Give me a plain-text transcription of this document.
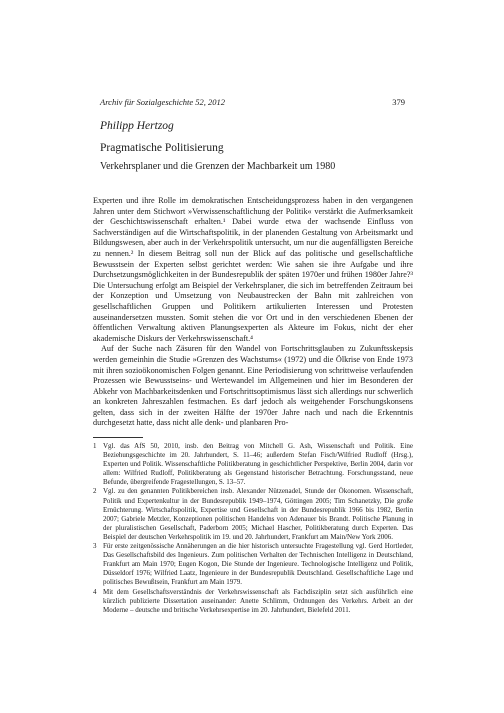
Archiv für Sozialgeschichte 52, 2012	379
Philipp Hertzog
Pragmatische Politisierung
Verkehrsplaner und die Grenzen der Machbarkeit um 1980

Experten und ihre Rolle im demokratischen Entscheidungsprozess haben in den vergangenen Jahren unter dem Stichwort »Verwissenschaftlichung der Politik« verstärkt die Aufmerksamkeit der Geschichtswissenschaft erhalten.¹ Dabei wurde etwa der wachsende Einfluss von Sachverständigen auf die Wirtschaftspolitik, in der planenden Gestaltung von Arbeitsmarkt und Bildungswesen, aber auch in der Verkehrspolitik untersucht, um nur die augenfälligsten Bereiche zu nennen.² In diesem Beitrag soll nun der Blick auf das politische und gesellschaftliche Bewusstsein der Experten selbst gerichtet werden: Wie sahen sie ihre Aufgabe und ihre Durchsetzungsmöglichkeiten in der Bundesrepublik der späten 1970er und frühen 1980er Jahre?³ Die Untersuchung erfolgt am Beispiel der Verkehrsplaner, die sich im betreffenden Zeitraum bei der Konzeption und Umsetzung von Neubaustrecken der Bahn mit zahlreichen von gesellschaftlichen Gruppen und Politikern artikulierten Interessen und Protesten auseinandersetzen mussten. Somit stehen die vor Ort und in den verschiedenen Ebenen der öffentlichen Verwaltung aktiven Planungsexperten als Akteure im Fokus, nicht der eher akademische Diskurs der Verkehrswissenschaft.⁴

Auf der Suche nach Zäsuren für den Wandel von Fortschrittsglauben zu Zukunftsskepsis werden gemeinhin die Studie »Grenzen des Wachstums« (1972) und die Ölkrise von Ende 1973 mit ihren sozioökonomischen Folgen genannt. Eine Periodisierung von schrittweise verlaufenden Prozessen wie Bewusstseins- und Wertewandel im Allgemeinen und hier im Besonderen der Abkehr von Machbarkeitsdenken und Fortschrittsoptimismus lässt sich allerdings nur schwerlich an konkreten Jahreszahlen festmachen. Es darf jedoch als weitgehender Forschungskonsens gelten, dass sich in der zweiten Hälfte der 1970er Jahre nach und nach die Erkenntnis durchgesetzt hatte, dass nicht alle denk- und planbaren Pro-

1 Vgl. das AfS 50, 2010, insb. den Beitrag von Mitchell G. Ash, Wissenschaft und Politik. Eine Beziehungsgeschichte im 20. Jahrhundert, S. 11–46; außerdem Stefan Fisch/Wilfried Rudloff (Hrsg.), Experten und Politik. Wissenschaftliche Politikberatung in geschichtlicher Perspektive, Berlin 2004, darin vor allem: Wilfried Rudloff, Politikberatung als Gegenstand historischer Betrachtung. Forschungsstand, neue Befunde, übergreifende Fragestellungen, S. 13–57.
2 Vgl. zu den genannten Politikbereichen insb. Alexander Nützenadel, Stunde der Ökonomen. Wissenschaft, Politik und Expertenkultur in der Bundesrepublik 1949–1974, Göttingen 2005; Tim Schanetzky, Die große Ernüchterung. Wirtschaftspolitik, Expertise und Gesellschaft in der Bundesrepublik 1966 bis 1982, Berlin 2007; Gabriele Metzler, Konzeptionen politischen Handelns von Adenauer bis Brandt. Politische Planung in der pluralistischen Gesellschaft, Paderborn 2005; Michael Hascher, Politikberatung durch Experten. Das Beispiel der deutschen Verkehrspolitik im 19. und 20. Jahrhundert, Frankfurt am Main/New York 2006.
3 Für erste zeitgenössische Annäherungen an die hier historisch untersuchte Fragestellung vgl. Gerd Hortleder, Das Gesellschaftsbild des Ingenieurs. Zum politischen Verhalten der Technischen Intelligenz in Deutschland, Frankfurt am Main 1970; Eugen Kogon, Die Stunde der Ingenieure. Technologische Intelligenz und Politik, Düsseldorf 1976; Wilfried Laatz, Ingenieure in der Bundesrepublik Deutschland. Gesellschaftliche Lage und politisches Bewußtsein, Frankfurt am Main 1979.
4 Mit dem Gesellschaftsverständnis der Verkehrswissenschaft als Fachdisziplin setzt sich ausführlich eine kürzlich publizierte Dissertation auseinander: Anette Schlimm, Ordnungen des Verkehrs. Arbeit an der Moderne – deutsche und britische Verkehrsexpertise im 20. Jahrhundert, Bielefeld 2011.
